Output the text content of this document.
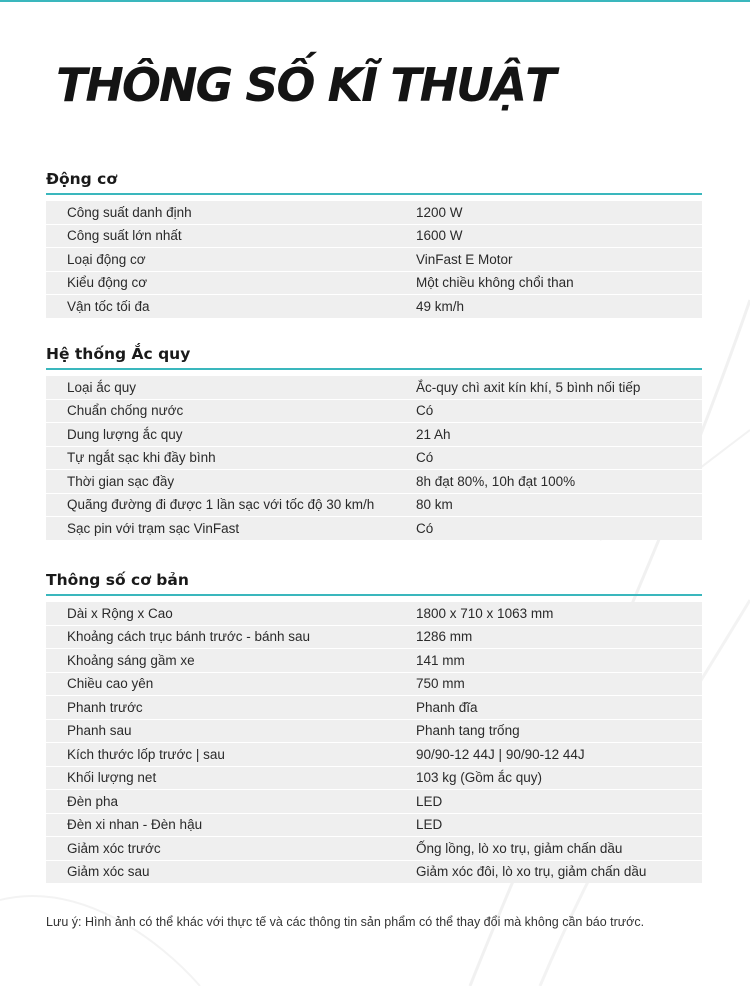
THÔNG SỐ KĨ THUẬT
Động cơ
Công suất danh định	1200 W
Công suất lớn nhất	1600 W
Loại động cơ	VinFast E Motor
Kiểu động cơ	Một chiều không chổi than
Vận tốc tối đa	49 km/h
Hệ thống Ắc quy
Loại ắc quy	Ắc-quy chì axit kín khí, 5 bình nối tiếp
Chuẩn chống nước	Có
Dung lượng ắc quy	21 Ah
Tự ngắt sạc khi đầy bình	Có
Thời gian sạc đầy	8h đạt 80%, 10h đạt 100%
Quãng đường đi được 1 lần sạc với tốc độ 30 km/h	80 km
Sạc pin với trạm sạc VinFast	Có
Thông số cơ bản
Dài x Rộng x Cao	1800 x 710 x 1063 mm
Khoảng cách trục bánh trước - bánh sau	1286 mm
Khoảng sáng gầm xe	141 mm
Chiều cao yên	750 mm
Phanh trước	Phanh đĩa
Phanh sau	Phanh tang trống
Kích thước lốp trước | sau	90/90-12 44J | 90/90-12 44J
Khối lượng net	103 kg (Gồm ắc quy)
Đèn pha	LED
Đèn xi nhan - Đèn hậu	LED
Giảm xóc trước	Ống lồng, lò xo trụ, giảm chấn dầu
Giảm xóc sau	Giảm xóc đôi, lò xo trụ, giảm chấn dầu

Lưu ý: Hình ảnh có thể khác với thực tế và các thông tin sản phẩm có thể thay đổi mà không cần báo trước.
